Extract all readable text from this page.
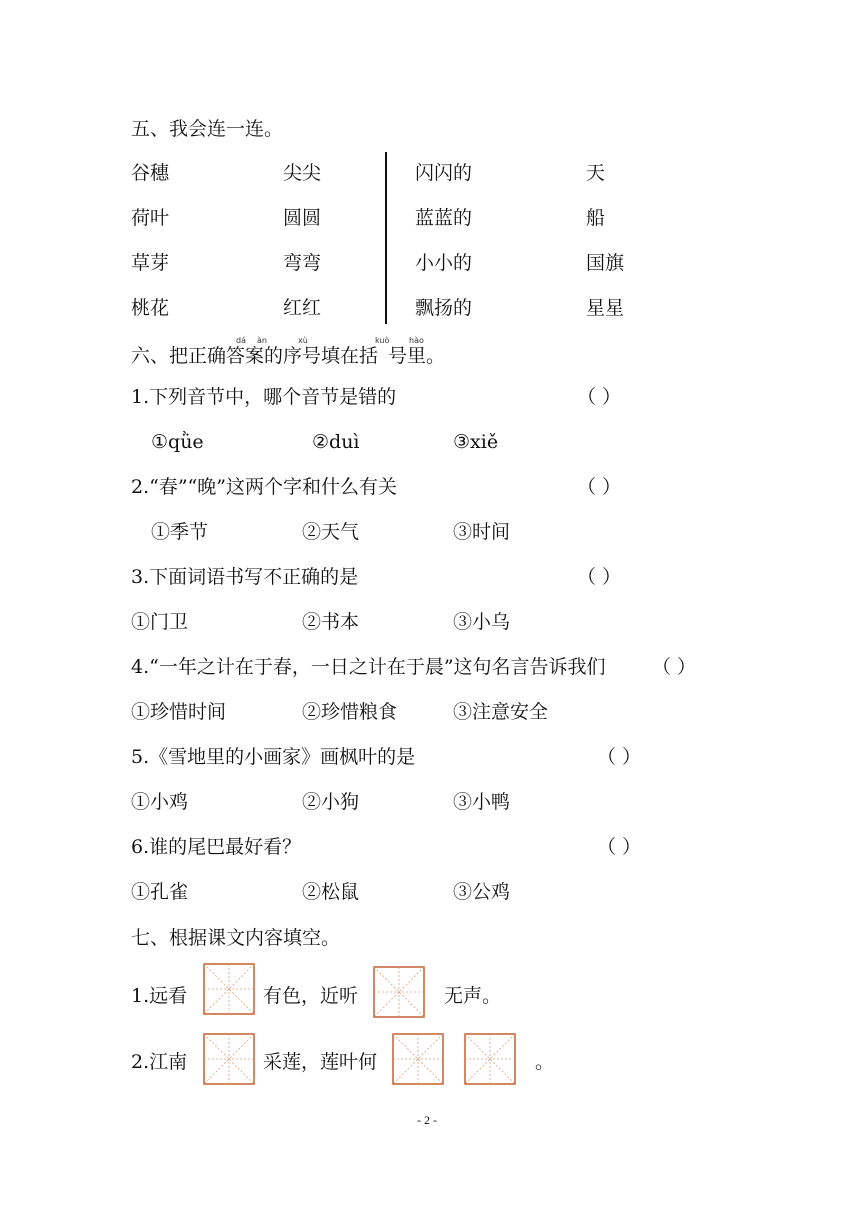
五、我会连一连。
谷穗	尖尖	闪闪的	天
荷叶	圆圆	蓝蓝的	船
草芽	弯弯	小小的	国旗
桃花	红红	飘扬的	星星
dá àn	xù	kuò hào
六、把正确答案的序号填在括 号里。
1.下列音节中，哪个音节是错的	（ ）
①qǜe	②duì	③xiě
2.“春”“晚”这两个字和什么有关	（ ）
①季节	②天气	③时间
3.下面词语书写不正确的是	（ ）
①门卫	②书本	③小乌
4.“一年之计在于春，一日之计在于晨”这句名言告诉我们 （ ）
①珍惜时间	②珍惜粮食	③注意安全
5.《雪地里的小画家》画枫叶的是	（ ）
①小鸡	②小狗	③小鸭
6.谁的尾巴最好看？	（ ）
①孔雀	②松鼠	③公鸡
七、根据课文内容填空。
1.远看	有色，近听	无声。
2.江南	采莲，莲叶何	。
- 2 -
